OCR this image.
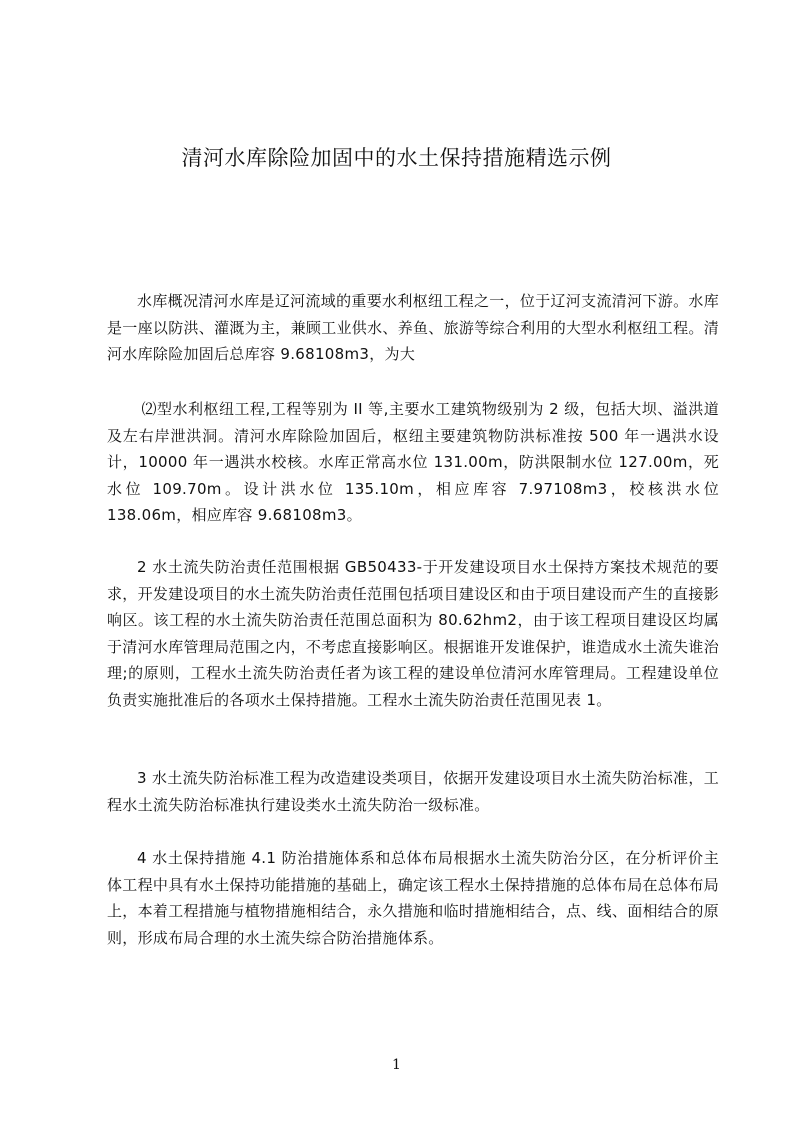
清河水库除险加固中的水土保持措施精选示例
水库概况清河水库是辽河流域的重要水利枢纽工程之一，位于辽河支流清河下游。水库是一座以防洪、灌溉为主，兼顾工业供水、养鱼、旅游等综合利用的大型水利枢纽工程。清河水库除险加固后总库容 9.68108m3，为大
⑵型水利枢纽工程,工程等别为 II 等,主要水工建筑物级别为 2 级，包括大坝、溢洪道及左右岸泄洪洞。清河水库除险加固后，枢纽主要建筑物防洪标准按 500 年一遇洪水设计，10000 年一遇洪水校核。水库正常高水位 131.00m，防洪限制水位 127.00m，死水位 109.70m。设计洪水位 135.10m，相应库容 7.97108m3，校核洪水位 138.06m，相应库容 9.68108m3。
2 水土流失防治责任范围根据 GB50433-于开发建设项目水土保持方案技术规范的要求，开发建设项目的水土流失防治责任范围包括项目建设区和由于项目建设而产生的直接影响区。该工程的水土流失防治责任范围总面积为 80.62hm2，由于该工程项目建设区均属于清河水库管理局范围之内，不考虑直接影响区。根据谁开发谁保护，谁造成水土流失谁治理;的原则，工程水土流失防治责任者为该工程的建设单位清河水库管理局。工程建设单位负责实施批准后的各项水土保持措施。工程水土流失防治责任范围见表 1。
3 水土流失防治标准工程为改造建设类项目，依据开发建设项目水土流失防治标准，工程水土流失防治标准执行建设类水土流失防治一级标准。
4 水土保持措施 4.1 防治措施体系和总体布局根据水土流失防治分区，在分析评价主体工程中具有水土保持功能措施的基础上，确定该工程水土保持措施的总体布局在总体布局上，本着工程措施与植物措施相结合，永久措施和临时措施相结合，点、线、面相结合的原则，形成布局合理的水土流失综合防治措施体系。
1
